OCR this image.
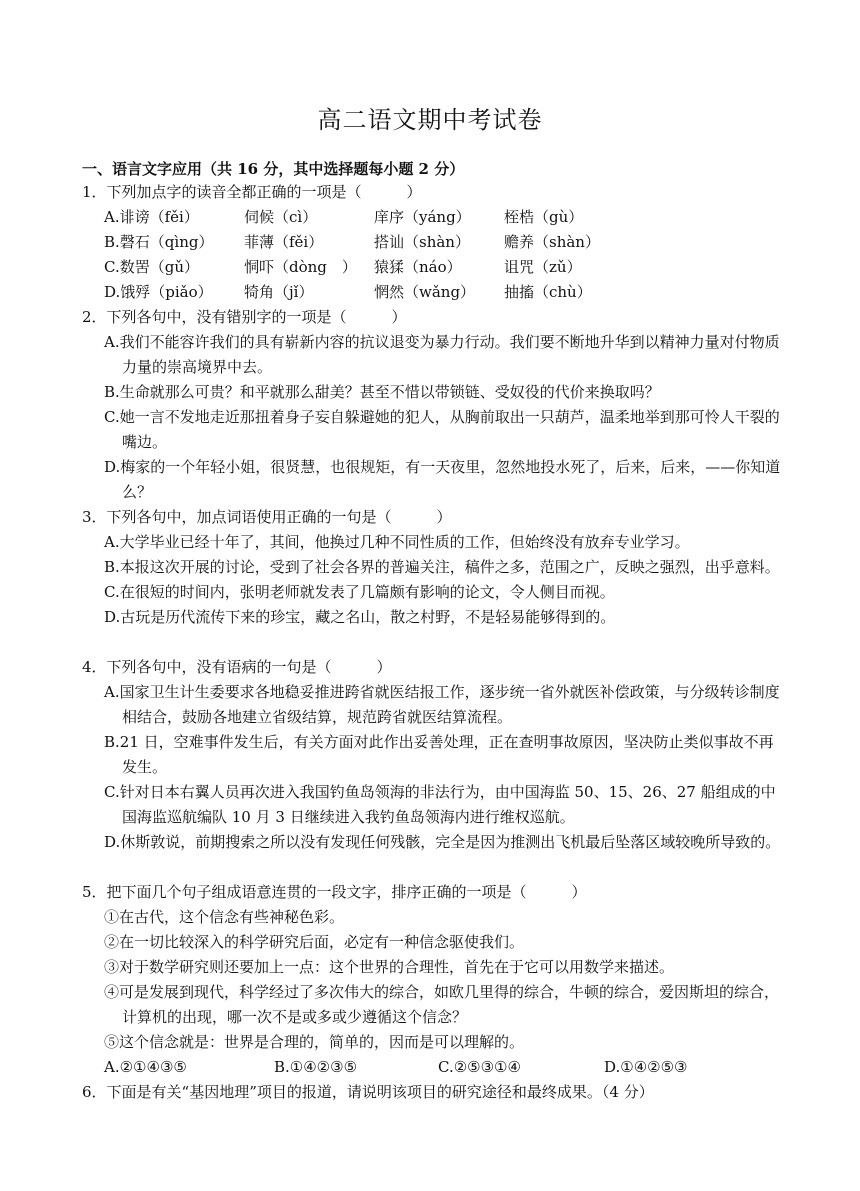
高二语文期中考试卷
一、语言文字应用（共 16 分，其中选择题每小题 2 分）
1．下列加点字的读音全都正确的一项是（　　　）
A.诽谤（fěi）	伺候（cì）	庠序（yáng） 桎梏（gù）
B.磬石（qìng） 菲薄（fěi）	搭讪（shàn） 赡养（shàn）
C.数罟（gǔ）	恫吓（dòng　） 猿猱（náo）	诅咒（zǔ）
D.饿殍（piǎo） 犄角（jǐ）	惘然（wǎng） 抽搐（chù）
2．下列各句中，没有错别字的一项是（　　　）
A.我们不能容许我们的具有崭新内容的抗议退变为暴力行动。我们要不断地升华到以精神力量对付物质力量的崇高境界中去。
B.生命就那么可贵？和平就那么甜美？甚至不惜以带锁链、受奴役的代价来换取吗？
C.她一言不发地走近那扭着身子妄自躲避她的犯人，从胸前取出一只葫芦，温柔地举到那可怜人干裂的嘴边。
D.梅家的一个年轻小姐，很贤慧，也很规矩，有一天夜里，忽然地投水死了，后来，后来，——你知道么？
3．下列各句中，加点词语使用正确的一句是（　　　）
A.大学毕业已经十年了，其间，他换过几种不同性质的工作，但始终没有放弃专业学习。
B.本报这次开展的讨论，受到了社会各界的普遍关注，稿件之多，范围之广，反映之强烈，出乎意料。
C.在很短的时间内，张明老师就发表了几篇颇有影响的论文，令人侧目而视。
D.古玩是历代流传下来的珍宝，藏之名山，散之村野，不是轻易能够得到的。
4．下列各句中，没有语病的一句是（　　　）
A.国家卫生计生委要求各地稳妥推进跨省就医结报工作，逐步统一省外就医补偿政策，与分级转诊制度相结合，鼓励各地建立省级结算，规范跨省就医结算流程。
B.21 日，空难事件发生后，有关方面对此作出妥善处理，正在查明事故原因，坚决防止类似事故不再发生。
C.针对日本右翼人员再次进入我国钓鱼岛领海的非法行为，由中国海监 50、15、26、27 船组成的中国海监巡航编队 10 月 3 日继续进入我钓鱼岛领海内进行维权巡航。
D.休斯敦说，前期搜索之所以没有发现任何残骸，完全是因为推测出飞机最后坠落区域较晚所导致的。
5．把下面几个句子组成语意连贯的一段文字，排序正确的一项是（　　　）
①在古代，这个信念有些神秘色彩。
②在一切比较深入的科学研究后面，必定有一种信念驱使我们。
③对于数学研究则还要加上一点：这个世界的合理性，首先在于它可以用数学来描述。
④可是发展到现代，科学经过了多次伟大的综合，如欧几里得的综合，牛顿的综合，爱因斯坦的综合，计算机的出现，哪一次不是或多或少遵循这个信念？
⑤这个信念就是：世界是合理的，简单的，因而是可以理解的。
A.②①④③⑤	B.①④②③⑤	C.②⑤③①④	D.①④②⑤③
6．下面是有关“基因地理”项目的报道，请说明该项目的研究途径和最终成果。（4 分）
